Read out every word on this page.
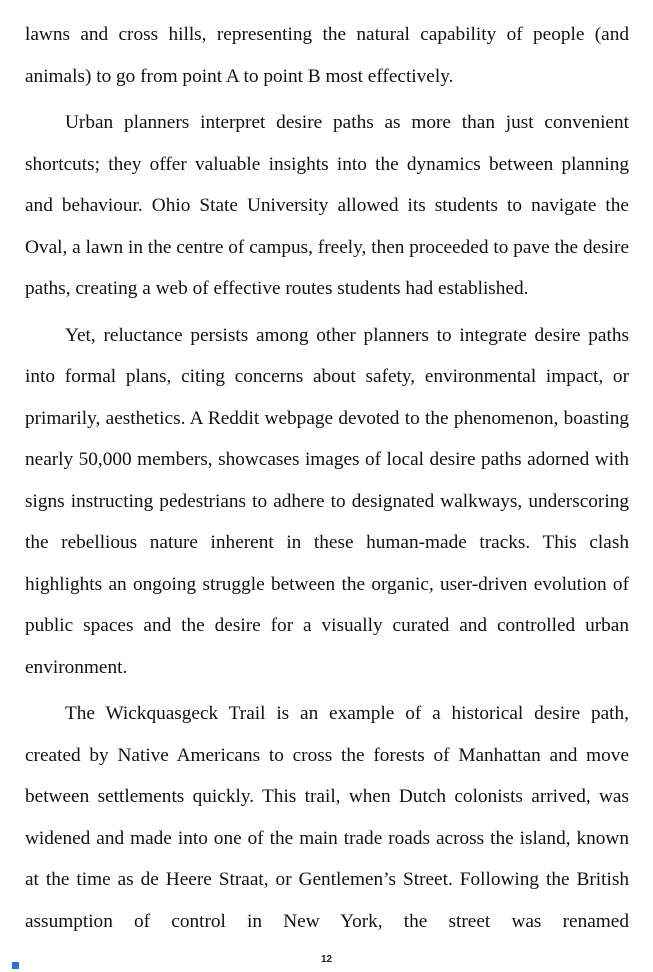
lawns and cross hills, representing the natural capability of people (and animals) to go from point A to point B most effectively.

Urban planners interpret desire paths as more than just convenient shortcuts; they offer valuable insights into the dynamics between planning and behaviour. Ohio State University allowed its students to navigate the Oval, a lawn in the centre of campus, freely, then proceeded to pave the desire paths, creating a web of effective routes students had established.

Yet, reluctance persists among other planners to integrate desire paths into formal plans, citing concerns about safety, environmental impact, or primarily, aesthetics. A Reddit webpage devoted to the phenomenon, boasting nearly 50,000 members, showcases images of local desire paths adorned with signs instructing pedestrians to adhere to designated walkways, underscoring the rebellious nature inherent in these human-made tracks. This clash highlights an ongoing struggle between the organic, user-driven evolution of public spaces and the desire for a visually curated and controlled urban environment.

The Wickquasgeck Trail is an example of a historical desire path, created by Native Americans to cross the forests of Manhattan and move between settlements quickly. This trail, when Dutch colonists arrived, was widened and made into one of the main trade roads across the island, known at the time as de Heere Straat, or Gentlemen’s Street. Following the British assumption of control in New York, the street was renamed

12
